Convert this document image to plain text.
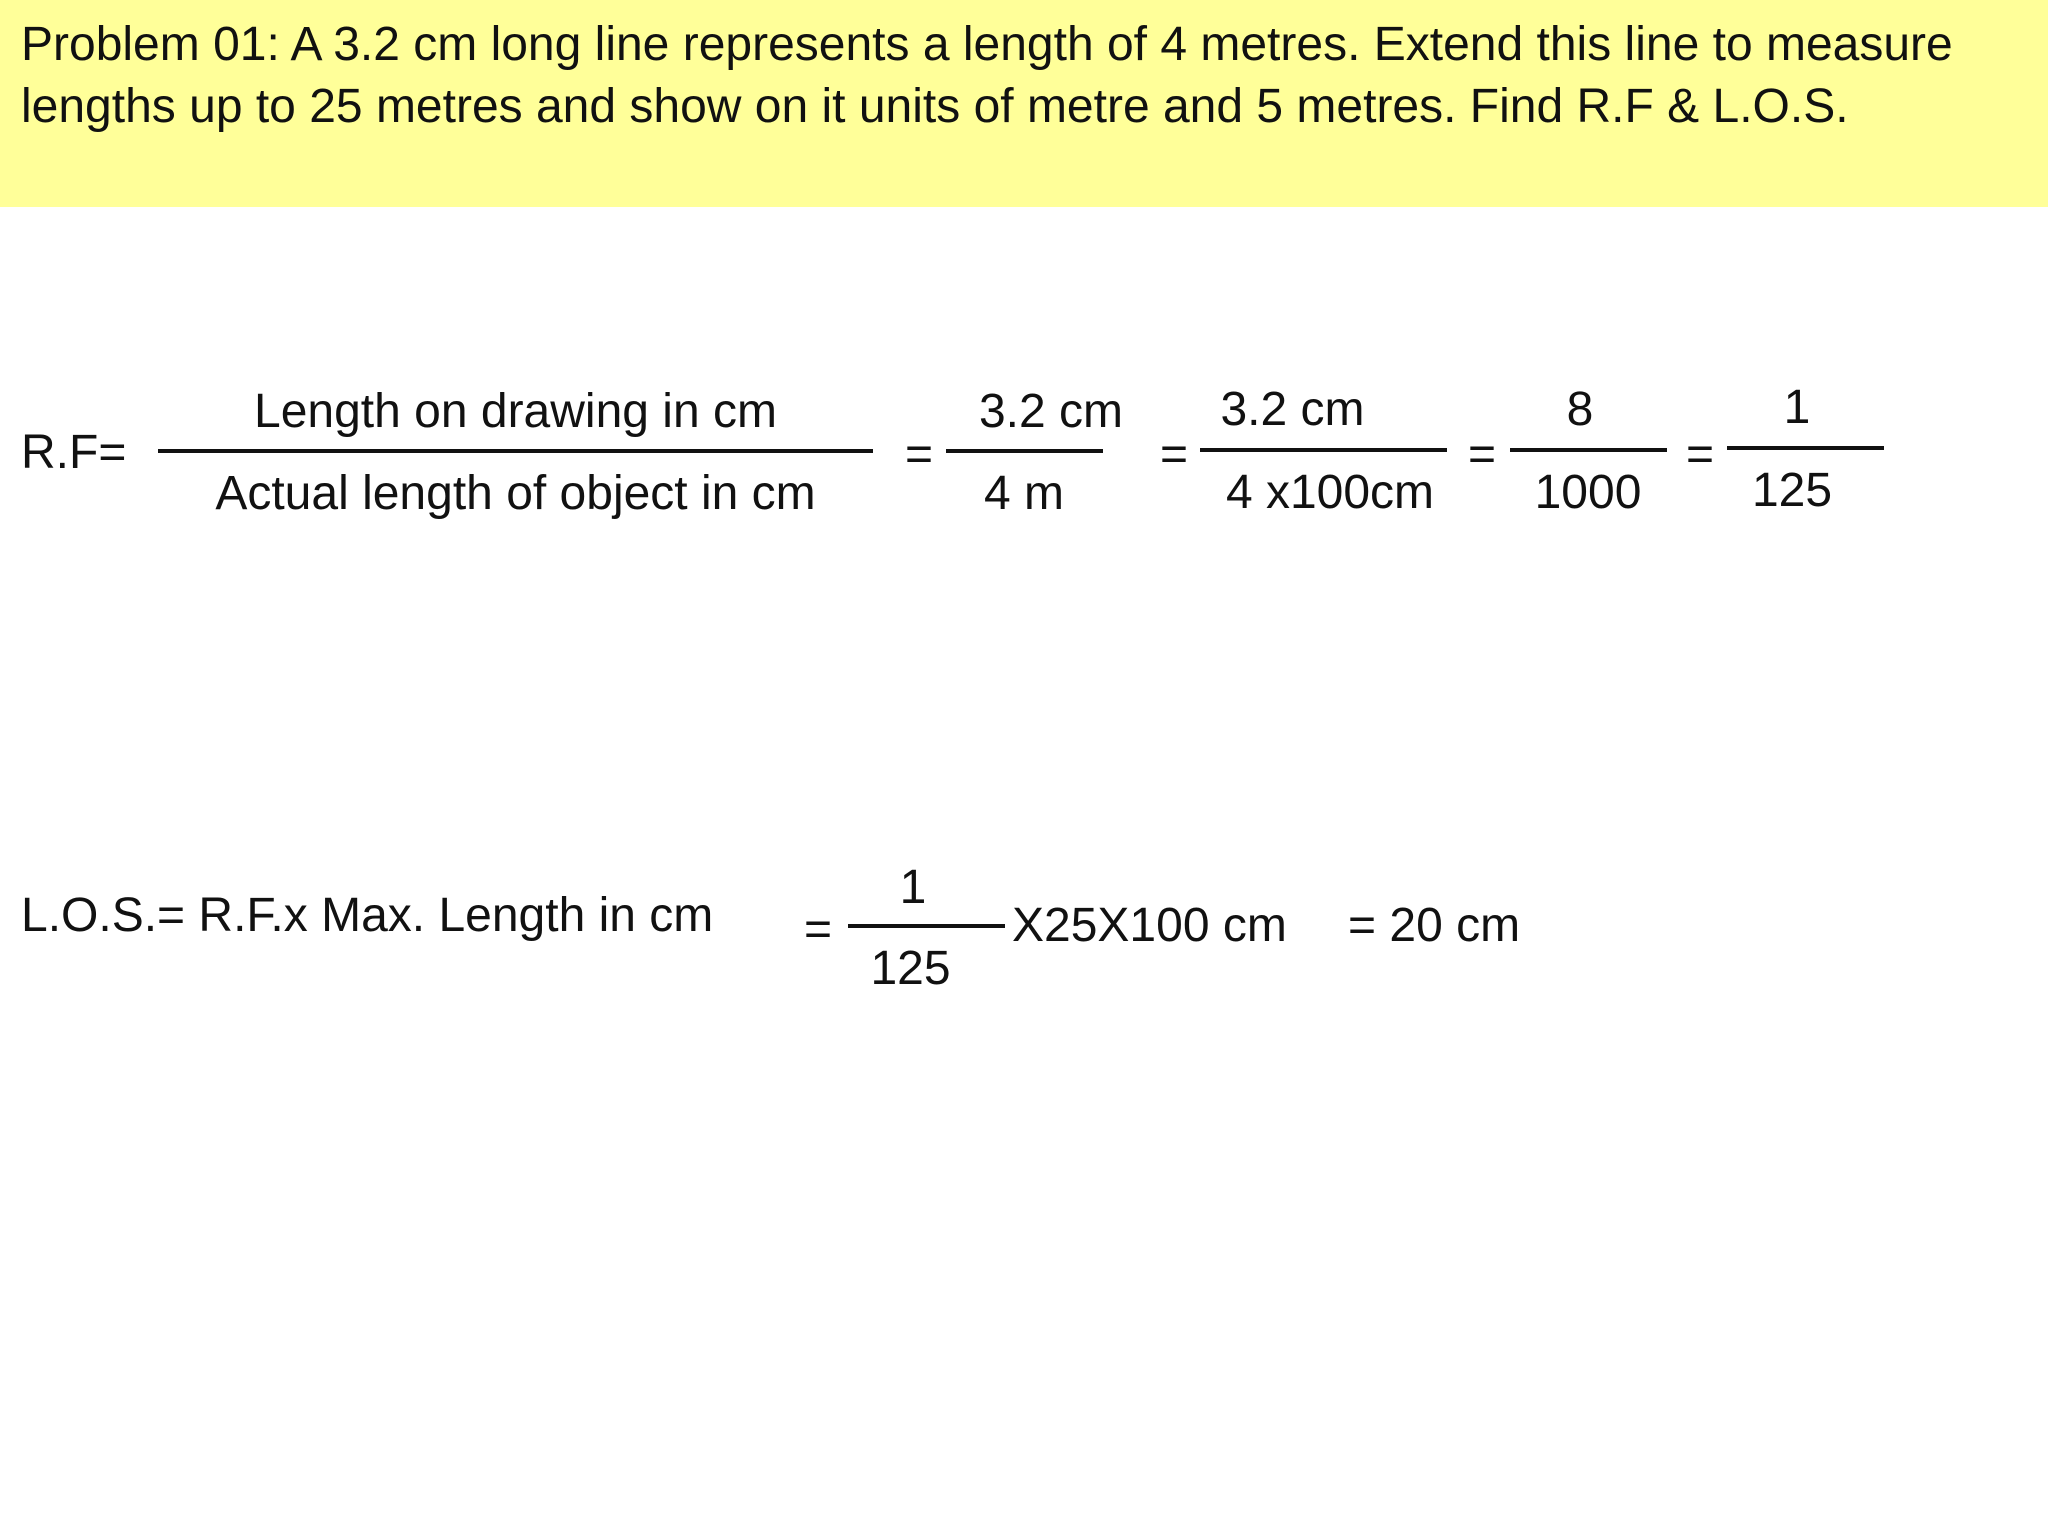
Problem 01: A 3.2 cm long line represents a length of 4 metres. Extend this line to measure lengths up to 25 metres and show on it units of metre and 5 metres. Find R.F & L.O.S.

R.F=
Length on drawing in cm
Actual length of object in cm
=
3.2 cm
4 m
=
3.2 cm
4 x100cm
=
8
1000
=
1
125
L.O.S.= R.F.x Max. Length in cm =
1
125
X25X100 cm = 20 cm
